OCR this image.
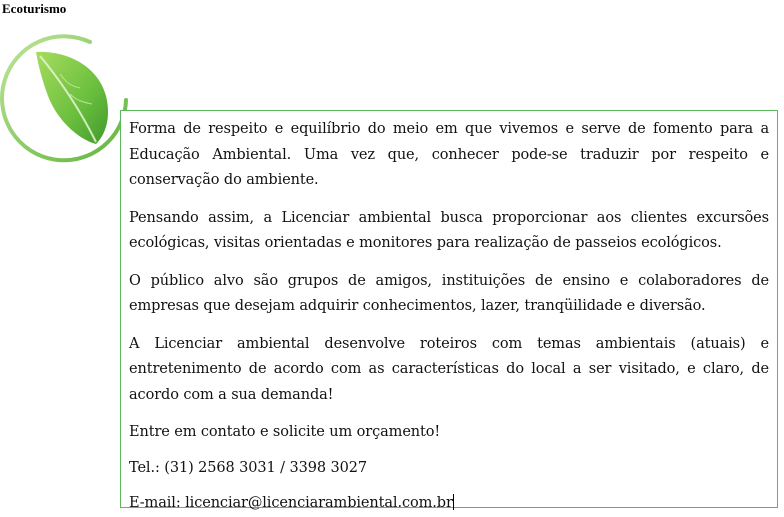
Ecoturismo

Forma de respeito e equilíbrio do meio em que vivemos e serve de fomento para a Educação Ambiental. Uma vez que, conhecer pode-se traduzir por respeito e conservação do ambiente.

Pensando assim, a Licenciar ambiental busca proporcionar aos clientes excursões ecológicas, visitas orientadas e monitores para realização de passeios ecológicos.

O público alvo são grupos de amigos, instituições de ensino e colaboradores de empresas que desejam adquirir conhecimentos, lazer, tranqüilidade e diversão.

A Licenciar ambiental desenvolve roteiros com temas ambientais (atuais) e entretenimento de acordo com as características do local a ser visitado, e claro, de acordo com a sua demanda!

Entre em contato e solicite um orçamento!

Tel.: (31) 2568 3031 / 3398 3027

E-mail: licenciar@licenciarambiental.com.br
